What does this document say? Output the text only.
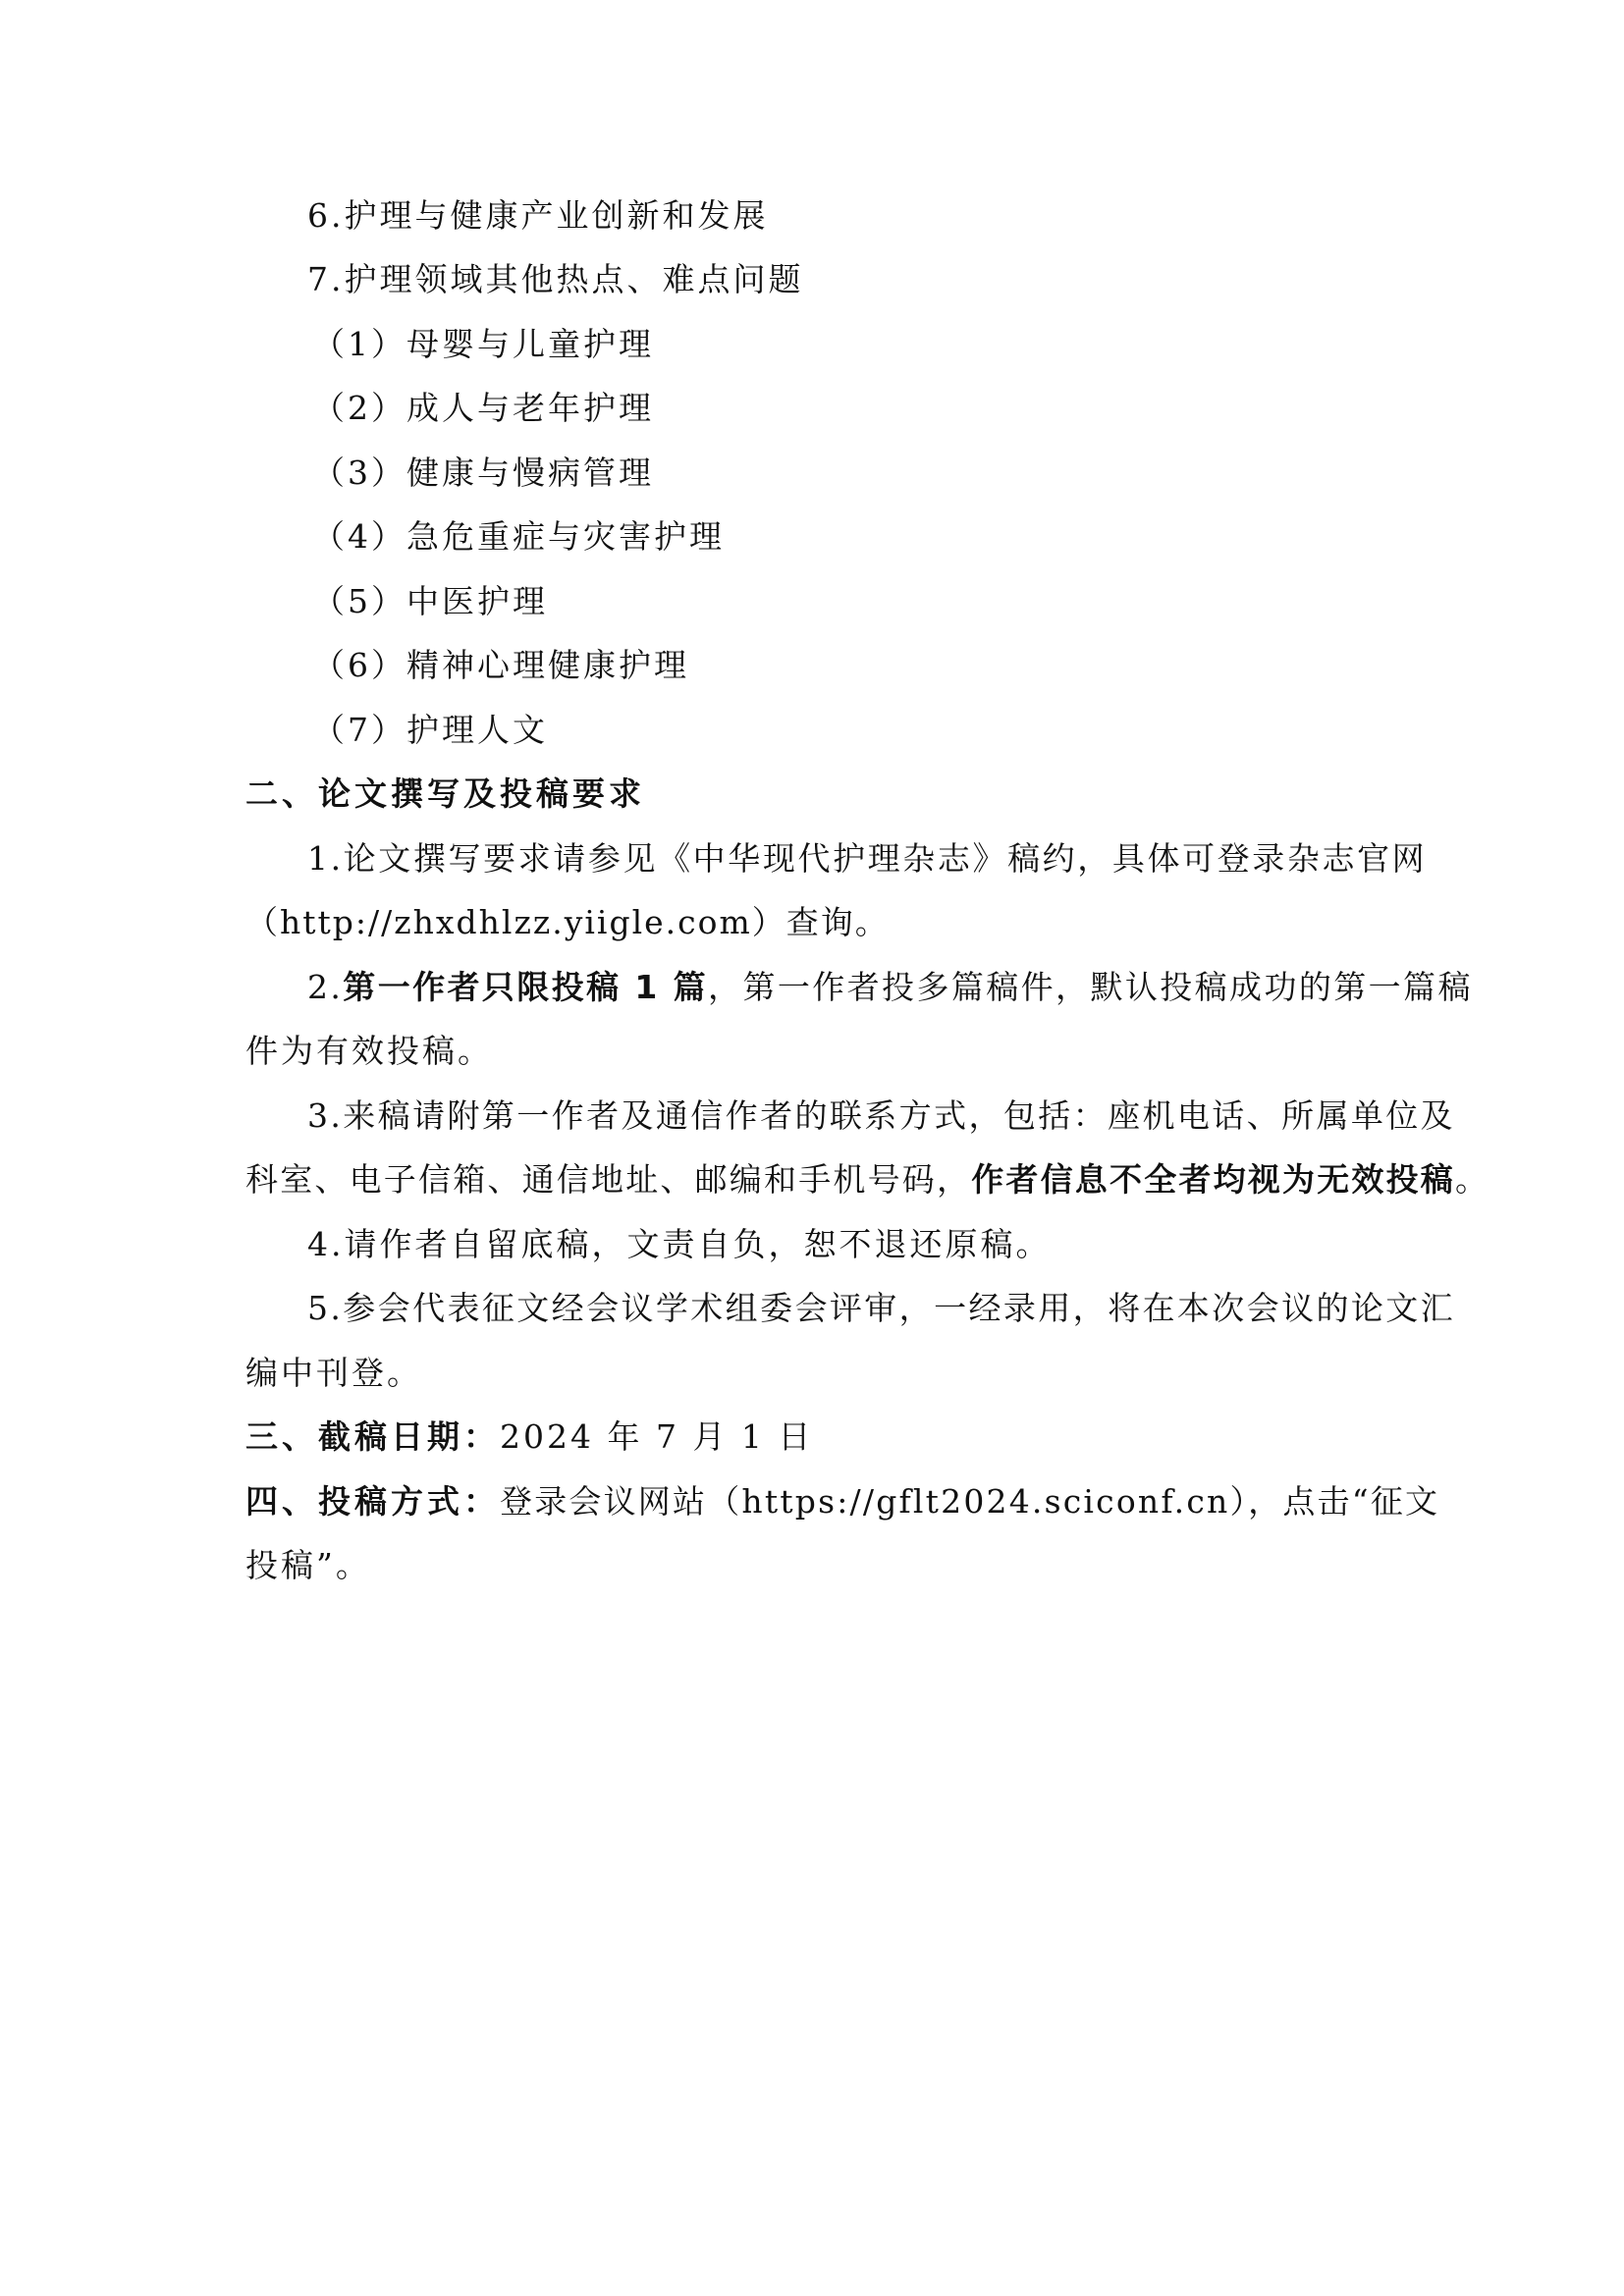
6.护理与健康产业创新和发展
7.护理领域其他热点、难点问题
（1）母婴与儿童护理
（2）成人与老年护理
（3）健康与慢病管理
（4）急危重症与灾害护理
（5）中医护理
（6）精神心理健康护理
（7）护理人文
二、论文撰写及投稿要求
1.论文撰写要求请参见《中华现代护理杂志》稿约，具体可登录杂志官网
（http://zhxdhlzz.yiigle.com）查询。
2.第一作者只限投稿 1 篇，第一作者投多篇稿件，默认投稿成功的第一篇稿
件为有效投稿。
3.来稿请附第一作者及通信作者的联系方式，包括：座机电话、所属单位及
科室、电子信箱、通信地址、邮编和手机号码，作者信息不全者均视为无效投稿。
4.请作者自留底稿，文责自负，恕不退还原稿。
5.参会代表征文经会议学术组委会评审，一经录用，将在本次会议的论文汇
编中刊登。
三、截稿日期：2024 年 7 月 1 日
四、投稿方式：登录会议网站（https://gflt2024.sciconf.cn），点击“征文
投稿”。
